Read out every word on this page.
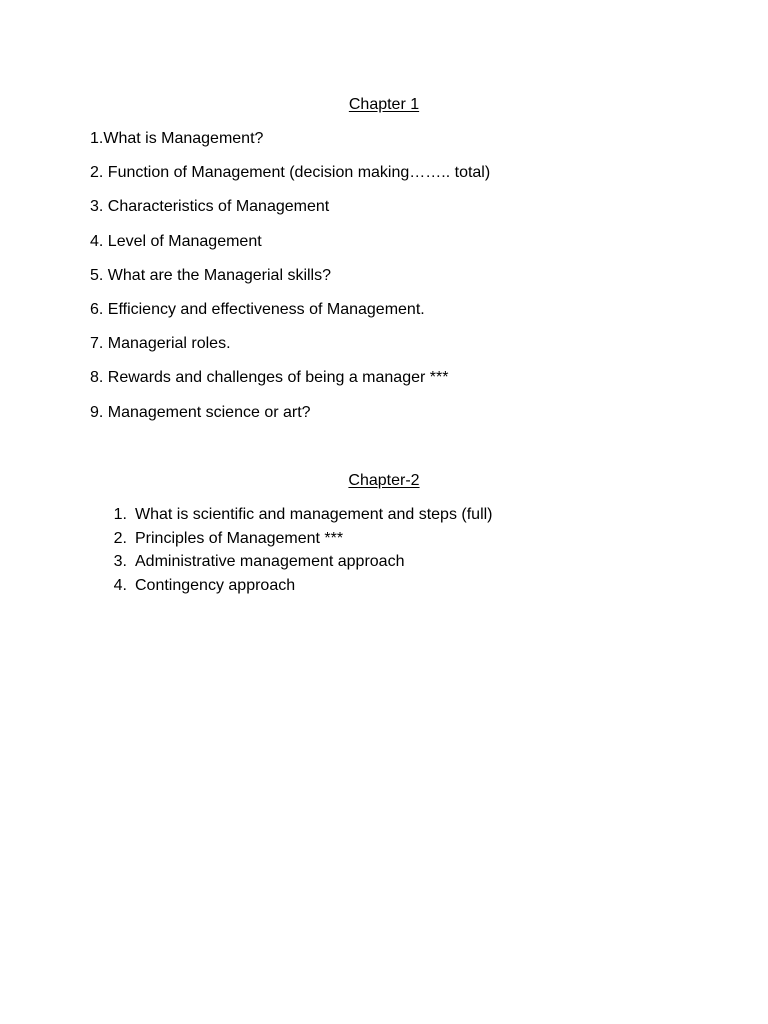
Chapter 1
1.What is Management?
2. Function of Management (decision making…….. total)
3. Characteristics of Management
4. Level of Management
5. What are the Managerial skills?
6. Efficiency and effectiveness of Management.
7. Managerial roles.
8. Rewards and challenges of being a manager ***
9. Management science or art?
Chapter-2
1. What is scientific and management and steps (full)
2. Principles of Management ***
3. Administrative management approach
4. Contingency approach
